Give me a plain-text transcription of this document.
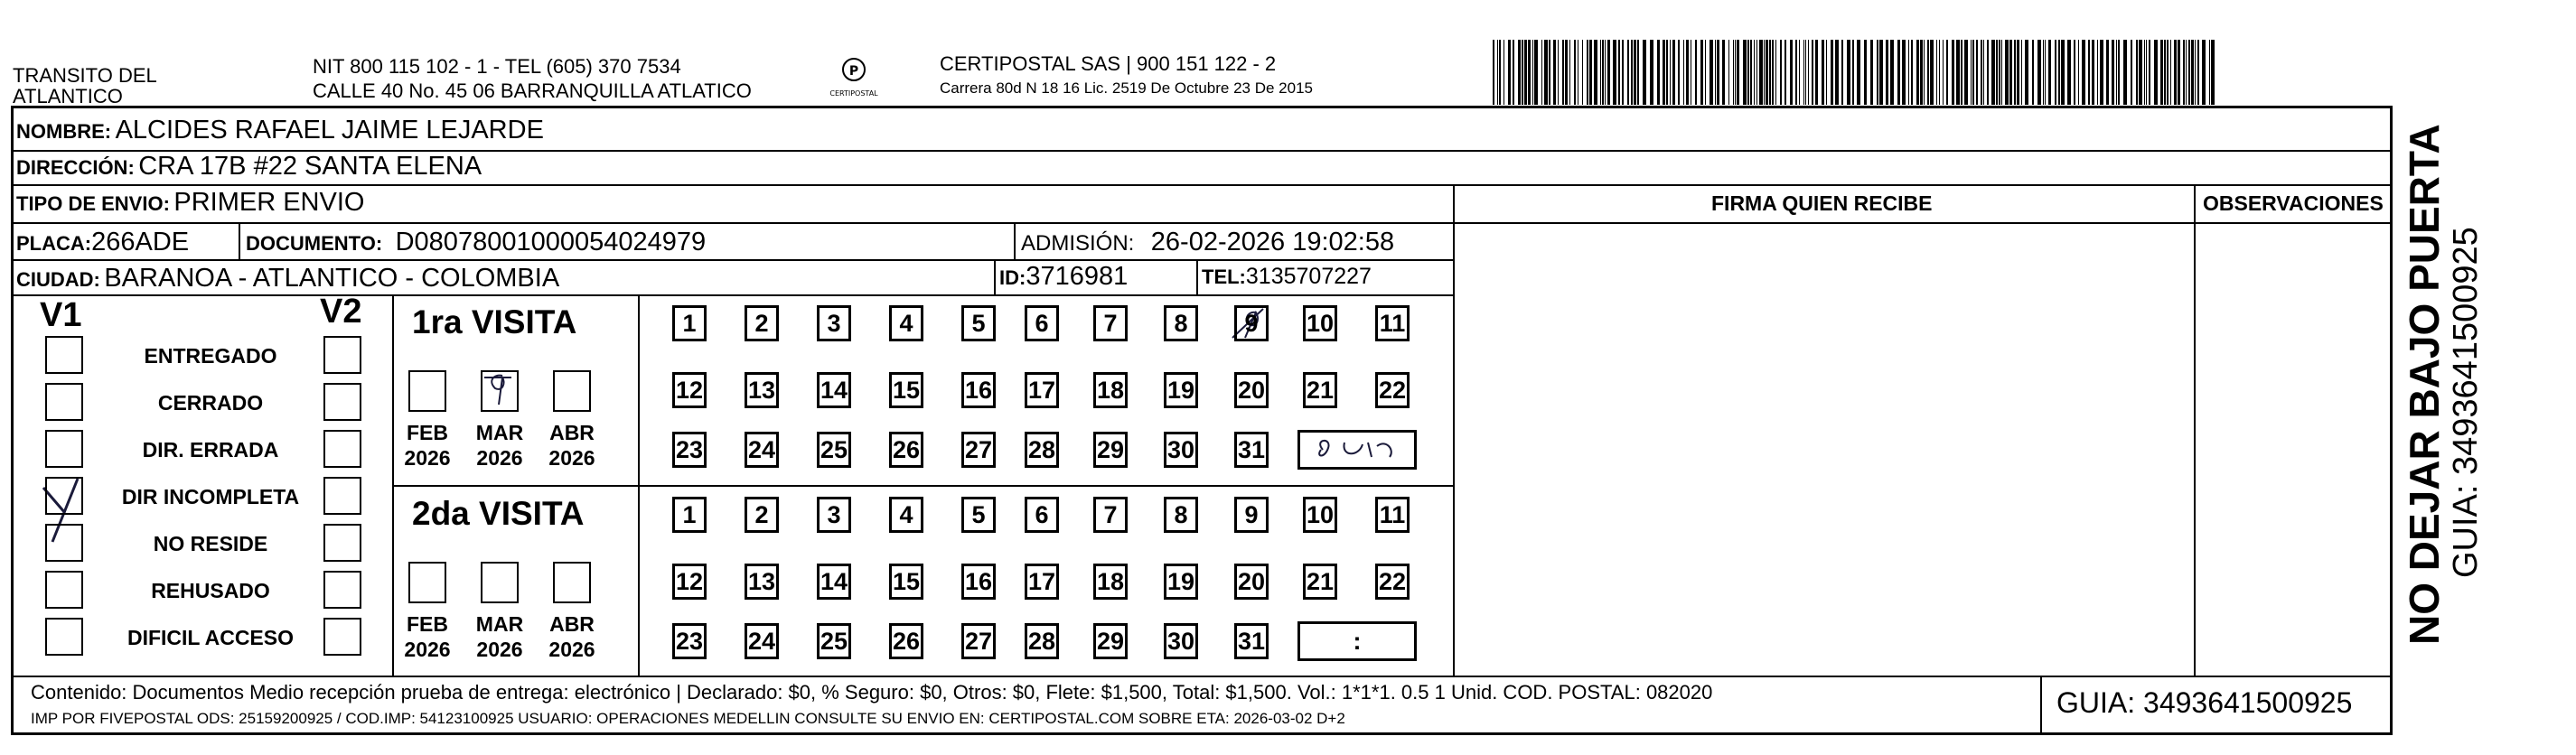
TRANSITO DEL
ATLANTICO
NIT 800 115 102 - 1 - TEL (605) 370 7534
CALLE 40 No. 45 06 BARRANQUILLA ATLATICO
P
CERTIPOSTAL
CERTIPOSTAL SAS | 900 151 122 - 2
Carrera 80d N 18 16 Lic. 2519 De Octubre 23 De 2015
NOMBRE: ALCIDES RAFAEL JAIME LEJARDE
DIRECCIÓN: CRA 17B #22 SANTA ELENA
TIPO DE ENVIO: PRIMER ENVIO
PLACA:266ADE	DOCUMENTO: D08078001000054024979	ADMISIÓN: 26-02-2026 19:02:58
CIUDAD: BARANOA - ATLANTICO - COLOMBIA	ID:3716981	TEL:3135707227
FIRMA QUIEN RECIBE	OBSERVACIONES
V1	V2 1ra VISITA
2da VISITA
Contenido: Documentos Medio recepción prueba de entrega: electrónico | Declarado: $0, % Seguro: $0, Otros: $0, Flete: $1,500, Total: $1,500. Vol.: 1*1*1. 0.5 1 Unid. COD. POSTAL: 082020
IMP POR FIVEPOSTAL ODS: 25159200925 / COD.IMP: 54123100925 USUARIO: OPERACIONES MEDELLIN CONSULTE SU ENVIO EN: CERTIPOSTAL.COM SOBRE ETA: 2026-03-02 D+2	GUIA: 3493641500925
NO DEJAR BAJO PUERTA GUIA: 3493641500925
ENTREGADO
CERRADO
DIR. ERRADA
DIR INCOMPLETA
NO RESIDE
REHUSADO
DIFICIL ACCESO
FEB
2026
MAR
2026
ABR
2026
FEB
2026
MAR
2026
ABR
2026
1	2	3	4	5	6	7	8	9	10 11
12 13 14 15 16 17 18 19 20 21 22
23 24 25 26 27 28 29 30 31
1	2	3	4	5	6	7	8	9	10 11
12 13 14 15 16 17 18 19 20 21 22
23 24 25 26 27 28 29 30 31	:
